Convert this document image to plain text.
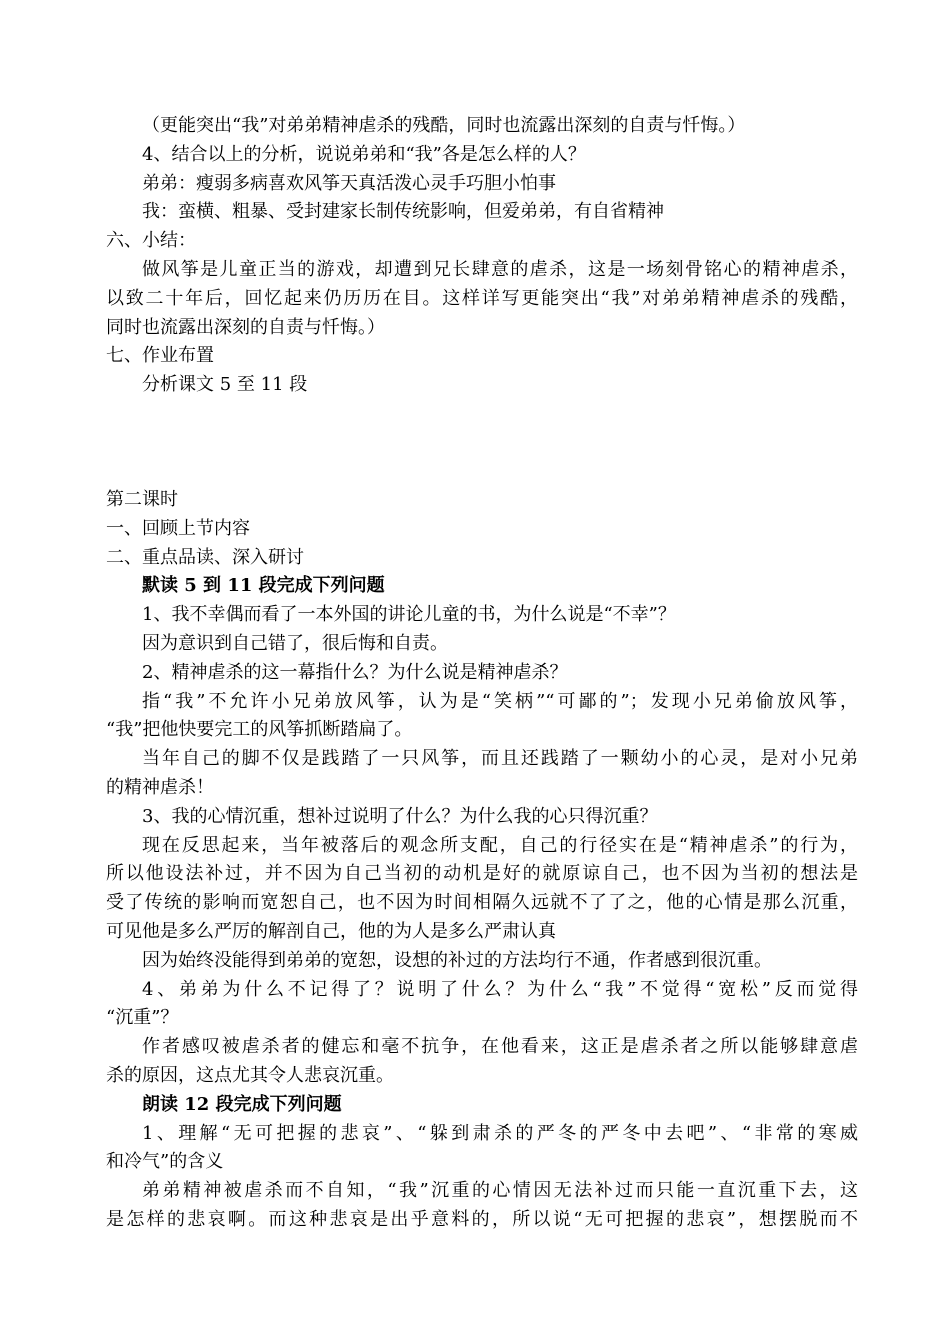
（更能突出“我”对弟弟精神虐杀的残酷，同时也流露出深刻的自责与忏悔。）
4、结合以上的分析，说说弟弟和“我”各是怎么样的人？
弟弟：瘦弱多病喜欢风筝天真活泼心灵手巧胆小怕事
我：蛮横、粗暴、受封建家长制传统影响，但爱弟弟，有自省精神
六、小结：
做风筝是儿童正当的游戏，却遭到兄长肆意的虐杀，这是一场刻骨铭心的精神虐杀，
以致二十年后，回忆起来仍历历在目。这样详写更能突出“我”对弟弟精神虐杀的残酷，
同时也流露出深刻的自责与忏悔。）
七、作业布置
分析课文 5 至 11 段
第二课时
一、回顾上节内容
二、重点品读、深入研讨
默读 5 到 11 段完成下列问题
1、我不幸偶而看了一本外国的讲论儿童的书，为什么说是“不幸”？
因为意识到自己错了，很后悔和自责。
2、精神虐杀的这一幕指什么？为什么说是精神虐杀？
指“我”不允许小兄弟放风筝，认为是“笑柄”“可鄙的”；发现小兄弟偷放风筝，
“我”把他快要完工的风筝抓断踏扁了。
当年自己的脚不仅是践踏了一只风筝，而且还践踏了一颗幼小的心灵，是对小兄弟
的精神虐杀！
3、我的心情沉重，想补过说明了什么？为什么我的心只得沉重？
现在反思起来，当年被落后的观念所支配，自己的行径实在是“精神虐杀”的行为，
所以他设法补过，并不因为自己当初的动机是好的就原谅自己，也不因为当初的想法是
受了传统的影响而宽恕自己，也不因为时间相隔久远就不了了之，他的心情是那么沉重，
可见他是多么严厉的解剖自己，他的为人是多么严肃认真
因为始终没能得到弟弟的宽恕，设想的补过的方法均行不通，作者感到很沉重。
4、弟弟为什么不记得了？说明了什么？为什么“我”不觉得“宽松”反而觉得
“沉重”？
作者感叹被虐杀者的健忘和毫不抗争，在他看来，这正是虐杀者之所以能够肆意虐
杀的原因，这点尤其令人悲哀沉重。
朗读 12 段完成下列问题
1、理解“无可把握的悲哀”、“躲到肃杀的严冬的严冬中去吧”、“非常的寒威
和冷气”的含义
弟弟精神被虐杀而不自知，“我”沉重的心情因无法补过而只能一直沉重下去，这
是怎样的悲哀啊。而这种悲哀是出乎意料的，所以说“无可把握的悲哀”，想摆脱而不
